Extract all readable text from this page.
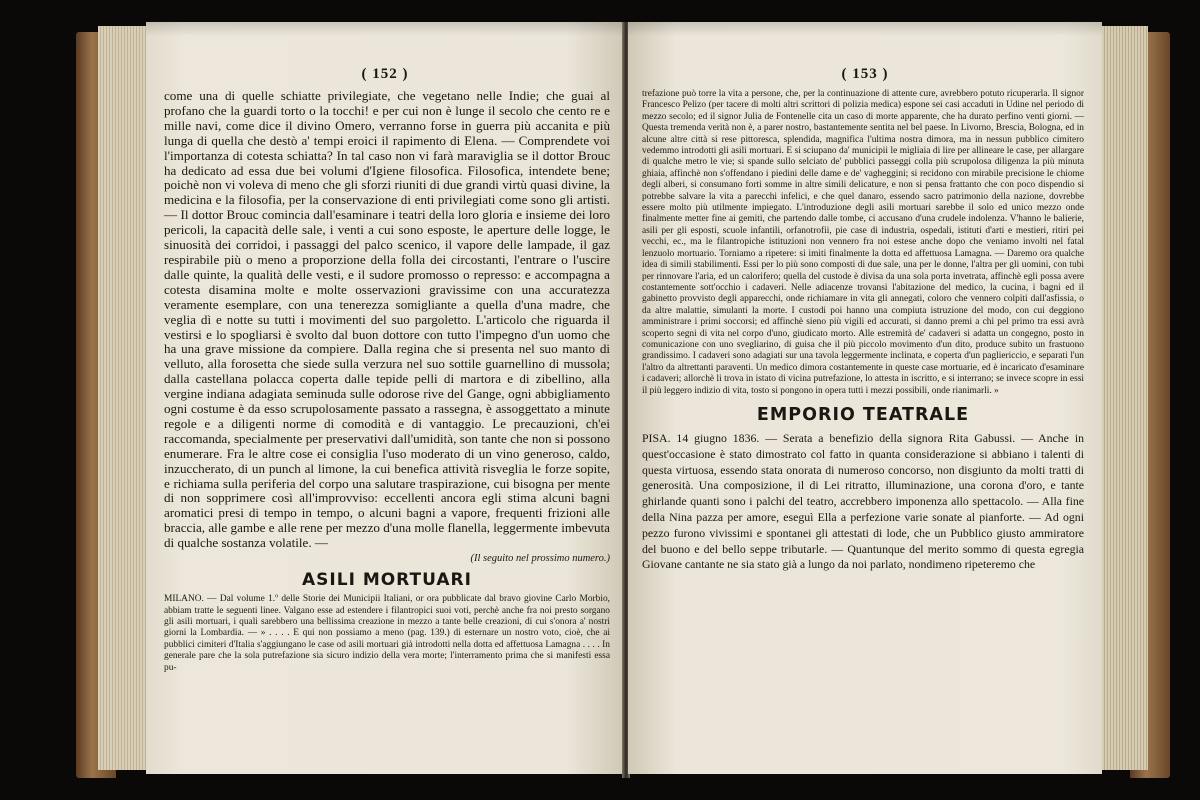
( 152 )

come una di quelle schiatte privilegiate, che vegetano nelle Indie; che guai al profano che la guardi torto o la tocchi! e per cui non è lunge il secolo che cento re e mille navi, come dice il divino Omero, verranno forse in guerra più accanita e più lunga di quella che destò a' tempi eroici il rapimento di Elena. — Comprendete voi l'importanza di cotesta schiatta? In tal caso non vi farà maraviglia se il dottor Brouc ha dedicato ad essa due bei volumi d'Igiene filosofica. Filosofica, intendete bene; poichè non vi voleva di meno che gli sforzi riuniti di due grandi virtù quasi divine, la medicina e la filosofia, per la conservazione di enti privilegiati come sono gli artisti. — Il dottor Brouc comincia dall'esaminare i teatri della loro gloria e insieme dei loro pericoli, la capacità delle sale, i venti a cui sono esposte, le aperture delle logge, le sinuosità dei corridoi, i passaggi del palco scenico, il vapore delle lampade, il gaz respirabile più o meno a proporzione della folla dei circostanti, l'entrare o l'uscire dalle quinte, la qualità delle vesti, e il sudore promosso o represso: e accompagna a cotesta disamina molte e molte osservazioni gravissime con una accuratezza veramente esemplare, con una tenerezza somigliante a quella d'una madre, che veglia dì e notte su tutti i movimenti del suo pargoletto. L'articolo che riguarda il vestirsi e lo spogliarsi è svolto dal buon dottore con tutto l'impegno d'un uomo che ha una grave missione da compiere. Dalla regina che si presenta nel suo manto di velluto, alla forosetta che siede sulla verzura nel suo sottile guarnellino di mussola; dalla castellana polacca coperta dalle tepide pelli di martora e di zibellino, alla vergine indiana adagiata seminuda sulle odorose rive del Gange, ogni abbigliamento ogni costume è da esso scrupolosamente passato a rassegna, è assoggettato a minute regole e a diligenti norme di comodità e di vantaggio. Le precauzioni, ch'ei raccomanda, specialmente per preservativi dall'umidità, son tante che non si possono enumerare. Fra le altre cose ei consiglia l'uso moderato di un vino generoso, caldo, inzuccherato, di un punch al limone, la cui benefica attività risveglia le forze sopite, e richiama sulla periferia del corpo una salutare traspirazione, cui bisogna per mente di non sopprimere così all'improvviso: eccellenti ancora egli stima alcuni bagni aromatici presi di tempo in tempo, o alcuni bagni a vapore, frequenti frizioni alle braccia, alle gambe e alle rene per mezzo d'una molle flanella, leggermente imbevuta di qualche sostanza volatile. —

(Il seguito nel prossimo numero.)
ASILI MORTUARI

MILANO. — Dal volume 1.º delle Storie dei Municipii Italiani, or ora pubblicate dal bravo giovine Carlo Morbio, abbiam tratte le seguenti linee. Valgano esse ad estendere i filantropici suoi voti, perchè anche fra noi presto sorgano gli asili mortuari, i quali sarebbero una bellissima creazione in mezzo a tante belle creazioni, di cui s'onora a' nostri giorni la Lombardia. — » . . . . E qui non possiamo a meno (pag. 139.) di esternare un nostro voto, cioè, che ai pubblici cimiteri d'Italia s'aggiungano le case od asili mortuari già introdotti nella dotta ed affettuosa Lamagna . . . . In generale pare che la sola putrefazione sia sicuro indizio della vera morte; l'interramento prima che si manifesti essa pu-

( 153 )

trefazione può torre la vita a persone, che, per la continuazione di attente cure, avrebbero potuto ricuperarla. Il signor Francesco Pelizo (per tacere di molti altri scrittori di polizia medica) espone sei casi accaduti in Udine nel periodo di mezzo secolo; ed il signor Julia de Fontenelle cita un caso di morte apparente, che ha durato perfino venti giorni. — Questa tremenda verità non è, a parer nostro, bastantemente sentita nel bel paese. In Livorno, Brescia, Bologna, ed in alcune altre città si rese pittoresca, splendida, magnifica l'ultima nostra dimora, ma in nessun pubblico cimitero vedemmo introdotti gli asili mortuari. E si sciupano da' municipii le migliaia di lire per allineare le case, per allargare di qualche metro le vie; si spande sullo selciato de' pubblici passeggi colla più scrupolosa diligenza la più minuta ghiaia, affinchè non s'offendano i piedini delle dame e de' vagheggini; si recidono con mirabile precisione le chiome degli alberi, si consumano forti somme in altre simili delicature, e non si pensa frattanto che con poco dispendio si potrebbe salvare la vita a parecchi infelici, e che quel danaro, essendo sacro patrimonio della nazione, dovrebbe essere molto più utilmente impiegato. L'introduzione degli asili mortuari sarebbe il solo ed unico mezzo onde finalmente metter fine ai gemiti, che partendo dalle tombe, ci accusano d'una crudele indolenza. V'hanno le balierie, asili per gli esposti, scuole infantili, orfanotrofii, pie case di industria, ospedali, istituti d'arti e mestieri, ritiri pei vecchi, ec., ma le filantropiche istituzioni non vennero fra noi estese anche dopo che veniamo involti nel fatal lenzuolo mortuario. Torniamo a ripetere: si imiti finalmente la dotta ed affettuosa Lamagna. — Daremo ora qualche idea di simili stabilimenti. Essi per lo più sono composti di due sale, una per le donne, l'altra per gli uomini, con tubi per rinnovare l'aria, ed un calorifero; quella del custode è divisa da una sola porta invetrata, affinchè egli possa avere costantemente sott'occhio i cadaveri. Nelle adiacenze trovansi l'abitazione del medico, la cucina, i bagni ed il gabinetto provvisto degli apparecchi, onde richiamare in vita gli annegati, coloro che vennero colpiti dall'asfissia, o da altre malattie, simulanti la morte. I custodi poi hanno una compiuta istruzione del modo, con cui deggiono amministrare i primi soccorsi; ed affinchè sieno più vigili ed accurati, si danno premi a chi pel primo tra essi avrà scoperto segni di vita nel corpo d'uno, giudicato morto. Alle estremità de' cadaveri si adatta un congegno, posto in comunicazione con uno svegliarino, di guisa che il più piccolo movimento d'un dito, produce subito un frastuono grandissimo. I cadaveri sono adagiati sur una tavola leggermente inclinata, e coperta d'un pagliericcio, e separati l'un l'altro da altrettanti paraventi. Un medico dimora costantemente in queste case mortuarie, ed è incaricato d'esaminare i cadaveri; allorchè li trova in istato di vicina putrefazione, lo attesta in iscritto, e si interrano; se invece scopre in essi il più leggero indizio di vita, tosto si pongono in opera tutti i mezzi possibili, onde rianimarli. »

EMPORIO TEATRALE

PISA. 14 giugno 1836. — Serata a benefizio della signora Rita Gabussi. — Anche in quest'occasione è stato dimostrato col fatto in quanta considerazione si abbiano i talenti di questa virtuosa, essendo stata onorata di numeroso concorso, non disgiunto da molti tratti di generosità. Una composizione, il di Lei ritratto, illuminazione, una corona d'oro, e tante ghirlande quanti sono i palchi del teatro, accrebbero imponenza allo spettacolo. — Alla fine della Nina pazza per amore, eseguì Ella a perfezione varie sonate al pianforte. — Ad ogni pezzo furono vivissimi e spontanei gli attestati di lode, che un Pubblico giusto ammiratore del buono e del bello seppe tributarle. — Quantunque del merito sommo di questa egregia Giovane cantante ne sia stato già a lungo da noi parlato, nondimeno ripeteremo che
